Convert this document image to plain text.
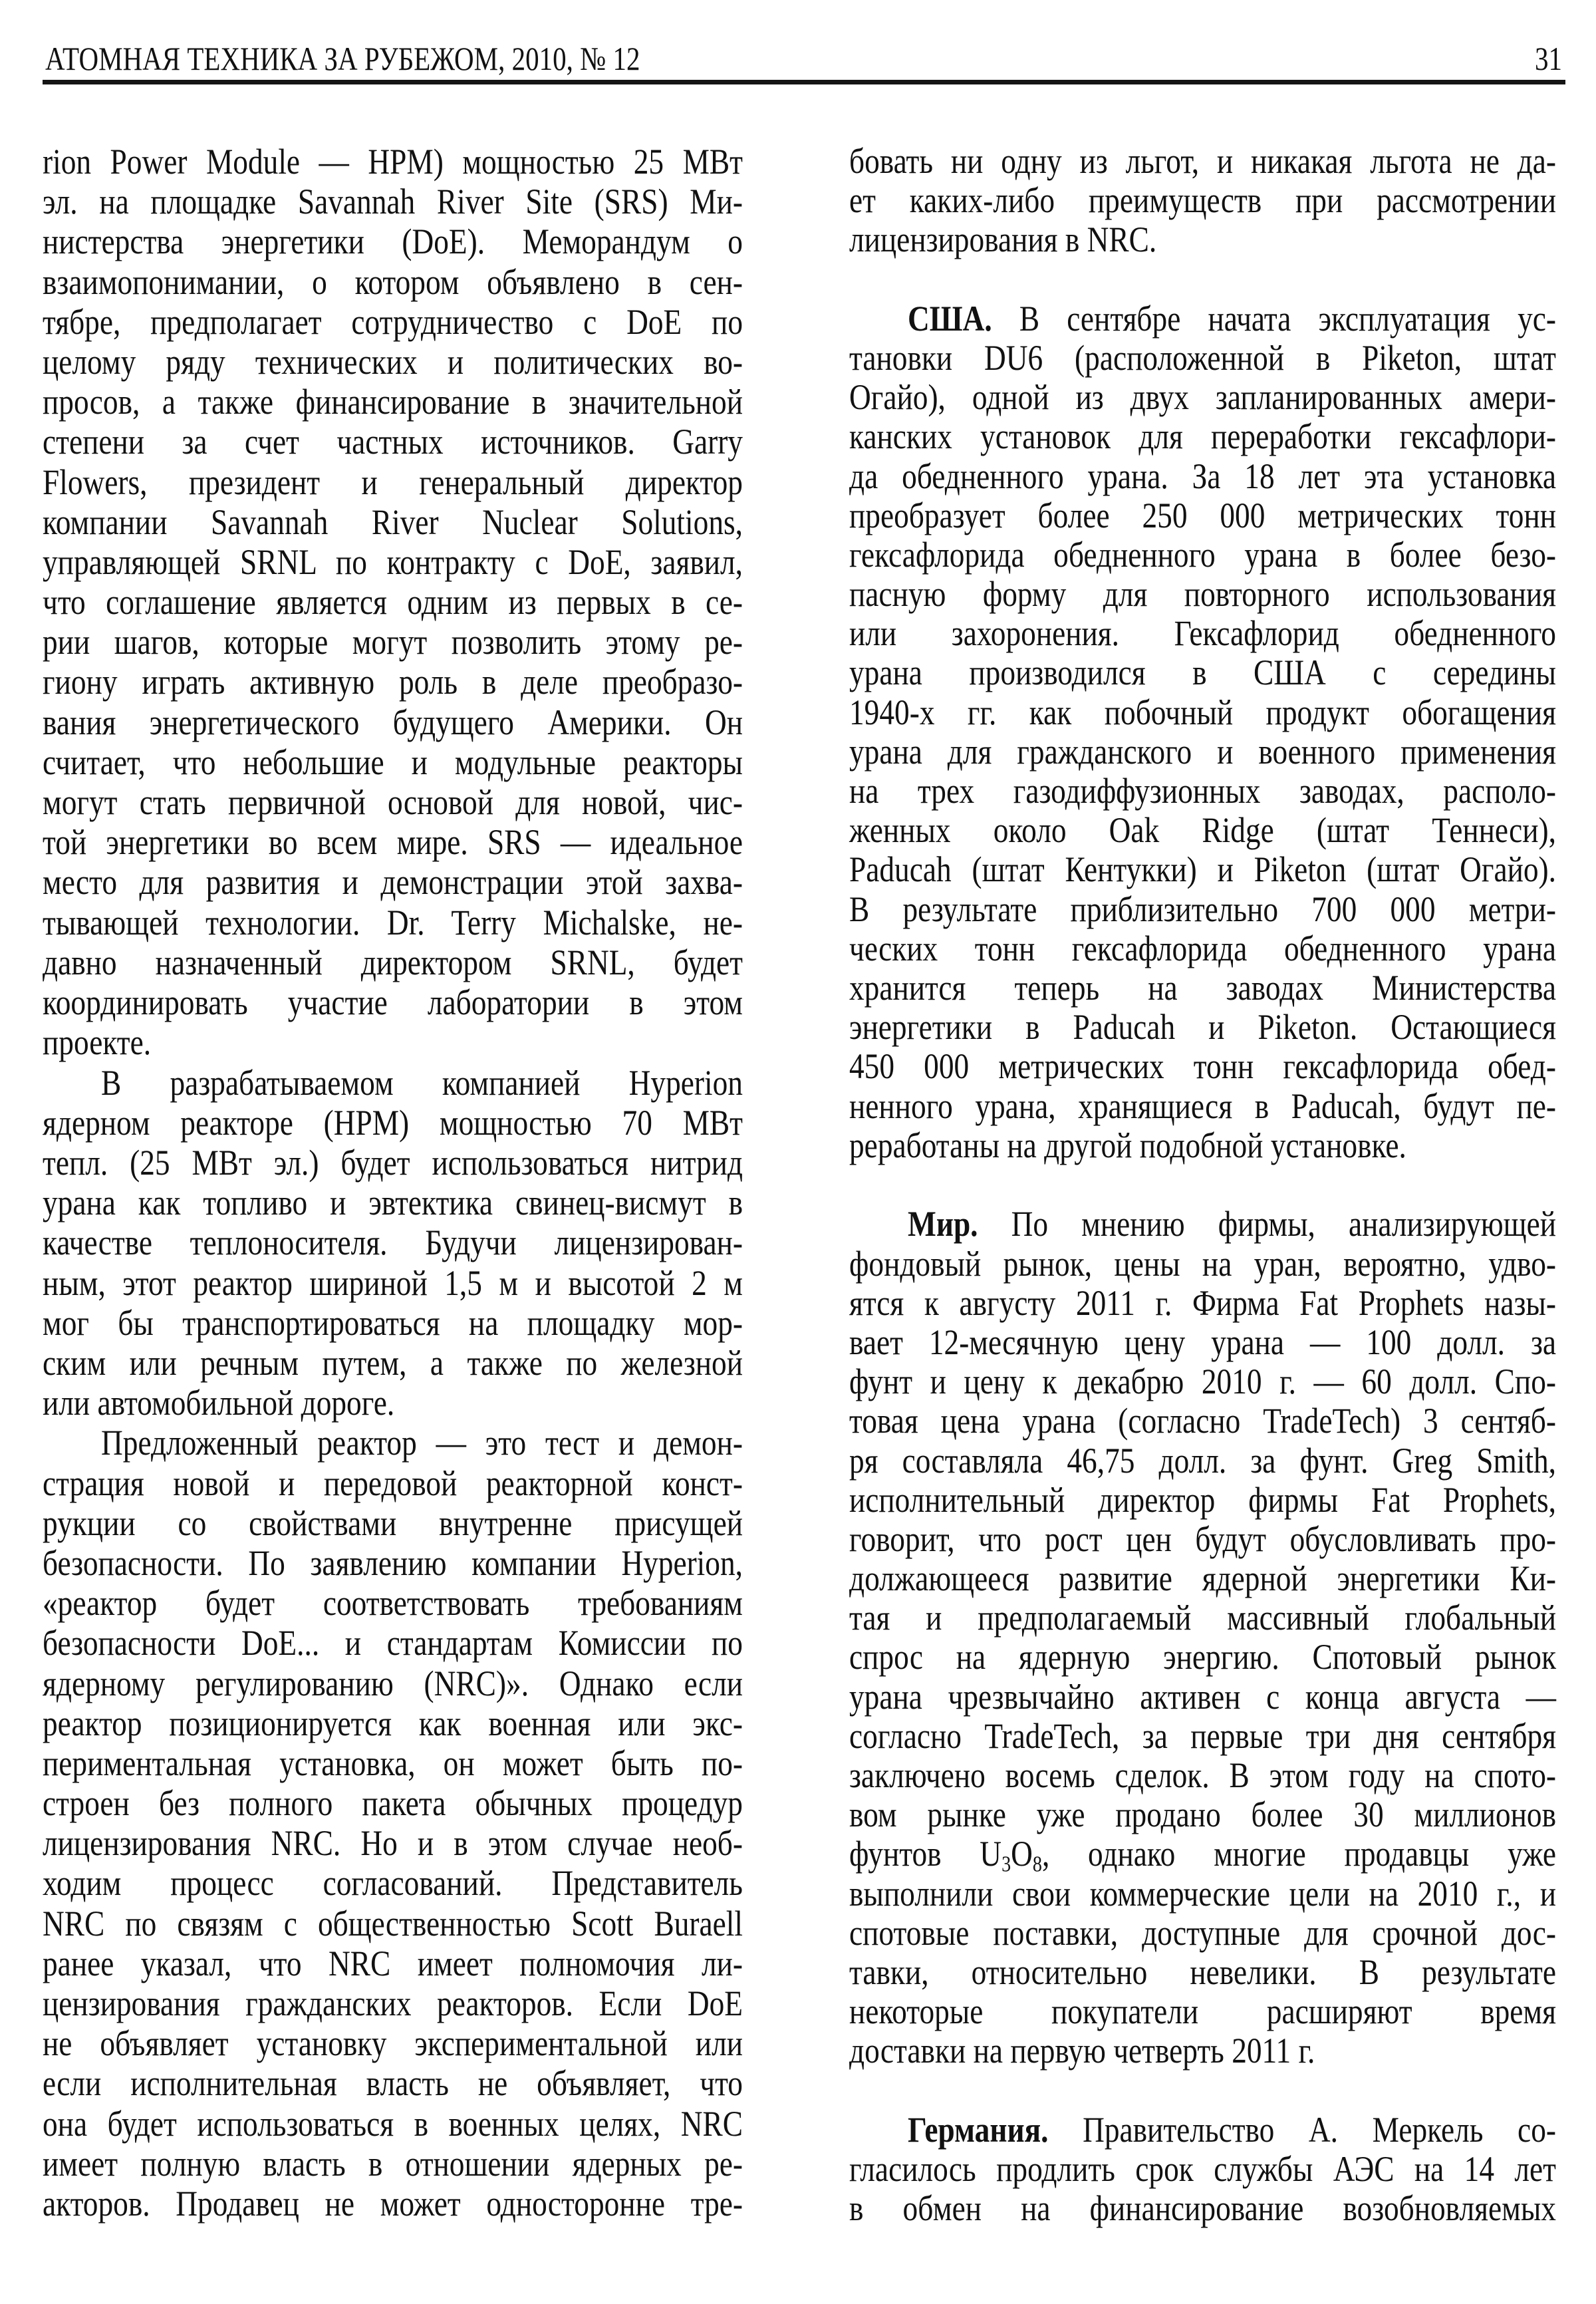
АТОМНАЯ ТЕХНИКА ЗА РУБЕЖОМ, 2010, № 12	31
rion Power Module — HPM) мощностью 25 МВт
эл. на площадке Savannah River Site (SRS) Ми-
нистерства энергетики (DoE). Меморандум о
взаимопонимании, о котором объявлено в сен-
тябре, предполагает сотрудничество с DoE по
целому ряду технических и политических во-
просов, а также финансирование в значительной
степени за счет частных источников. Garry
Flowers, президент и генеральный директор
компании Savannah River Nuclear Solutions,
управляющей SRNL по контракту с DoE, заявил,
что соглашение является одним из первых в се-
рии шагов, которые могут позволить этому ре-
гиону играть активную роль в деле преобразо-
вания энергетического будущего Америки. Он
считает, что небольшие и модульные реакторы
могут стать первичной основой для новой, чис-
той энергетики во всем мире. SRS — идеальное
место для развития и демонстрации этой захва-
тывающей технологии. Dr. Terry Michalske, не-
давно назначенный директором SRNL, будет
координировать участие лаборатории в этом
проекте.
В разрабатываемом компанией Hyperion
ядерном реакторе (HPM) мощностью 70 МВт
тепл. (25 МВт эл.) будет использоваться нитрид
урана как топливо и эвтектика свинец-висмут в
качестве теплоносителя. Будучи лицензирован-
ным, этот реактор шириной 1,5 м и высотой 2 м
мог бы транспортироваться на площадку мор-
ским или речным путем, а также по железной
или автомобильной дороге.
Предложенный реактор — это тест и демон-
страция новой и передовой реакторной конст-
рукции со свойствами внутренне присущей
безопасности. По заявлению компании Hyperion,
«реактор будет соответствовать требованиям
безопасности DoE... и стандартам Комиссии по
ядерному регулированию (NRC)». Однако если
реактор позиционируется как военная или экс-
периментальная установка, он может быть по-
строен без полного пакета обычных процедур
лицензирования NRC. Но и в этом случае необ-
ходим процесс согласований. Представитель
NRC по связям с общественностью Scott Burаell
ранее указал, что NRC имеет полномочия ли-
цензирования гражданских реакторов. Если DoE
не объявляет установку экспериментальной или
если исполнительная власть не объявляет, что
она будет использоваться в военных целях, NRC
имеет полную власть в отношении ядерных ре-
акторов. Продавец не может односторонне тре-
бовать ни одну из льгот, и никакая льгота не да-
ет каких-либо преимуществ при рассмотрении
лицензирования в NRC.
США. В сентябре начата эксплуатация ус-
тановки DU6 (расположенной в Piketon, штат
Огайо), одной из двух запланированных амери-
канских установок для переработки гексафлори-
да обедненного урана. За 18 лет эта установка
преобразует более 250 000 метрических тонн
гексафлорида обедненного урана в более безо-
пасную форму для повторного использования
или захоронения. Гексафлорид обедненного
урана производился в США с середины
1940-х гг. как побочный продукт обогащения
урана для гражданского и военного применения
на трех газодиффузионных заводах, располо-
женных около Oak Ridge (штат Теннеси),
Paducah (штат Кентукки) и Piketon (штат Огайо).
В результате приблизительно 700 000 метри-
ческих тонн гексафлорида обедненного урана
хранится теперь на заводах Министерства
энергетики в Paducah и Piketon. Остающиеся
450 000 метрических тонн гексафлорида обед-
ненного урана, хранящиеся в Paducah, будут пе-
реработаны на другой подобной установке.
Мир. По мнению фирмы, анализирующей
фондовый рынок, цены на уран, вероятно, удво-
ятся к августу 2011 г. Фирма Fat Prophets назы-
вает 12-месячную цену урана — 100 долл. за
фунт и цену к декабрю 2010 г. — 60 долл. Спо-
товая цена урана (согласно TradeTech) 3 сентяб-
ря составляла 46,75 долл. за фунт. Greg Smith,
исполнительный директор фирмы Fat Prophets,
говорит, что рост цен будут обусловливать про-
должающееся развитие ядерной энергетики Ки-
тая и предполагаемый массивный глобальный
спрос на ядерную энергию. Спотовый рынок
урана чрезвычайно активен с конца августа —
согласно TradeTech, за первые три дня сентября
заключено восемь сделок. В этом году на спото-
вом рынке уже продано более 30 миллионов
фунтов $U_3O_8$, однако многие продавцы уже
выполнили свои коммерческие цели на 2010 г., и
спотовые поставки, доступные для срочной дос-
тавки, относительно невелики. В результате
некоторые покупатели расширяют время
доставки на первую четверть 2011 г.
Германия. Правительство А. Меркель со-
гласилось продлить срок службы АЭС на 14 лет
в обмен на финансирование возобновляемых
